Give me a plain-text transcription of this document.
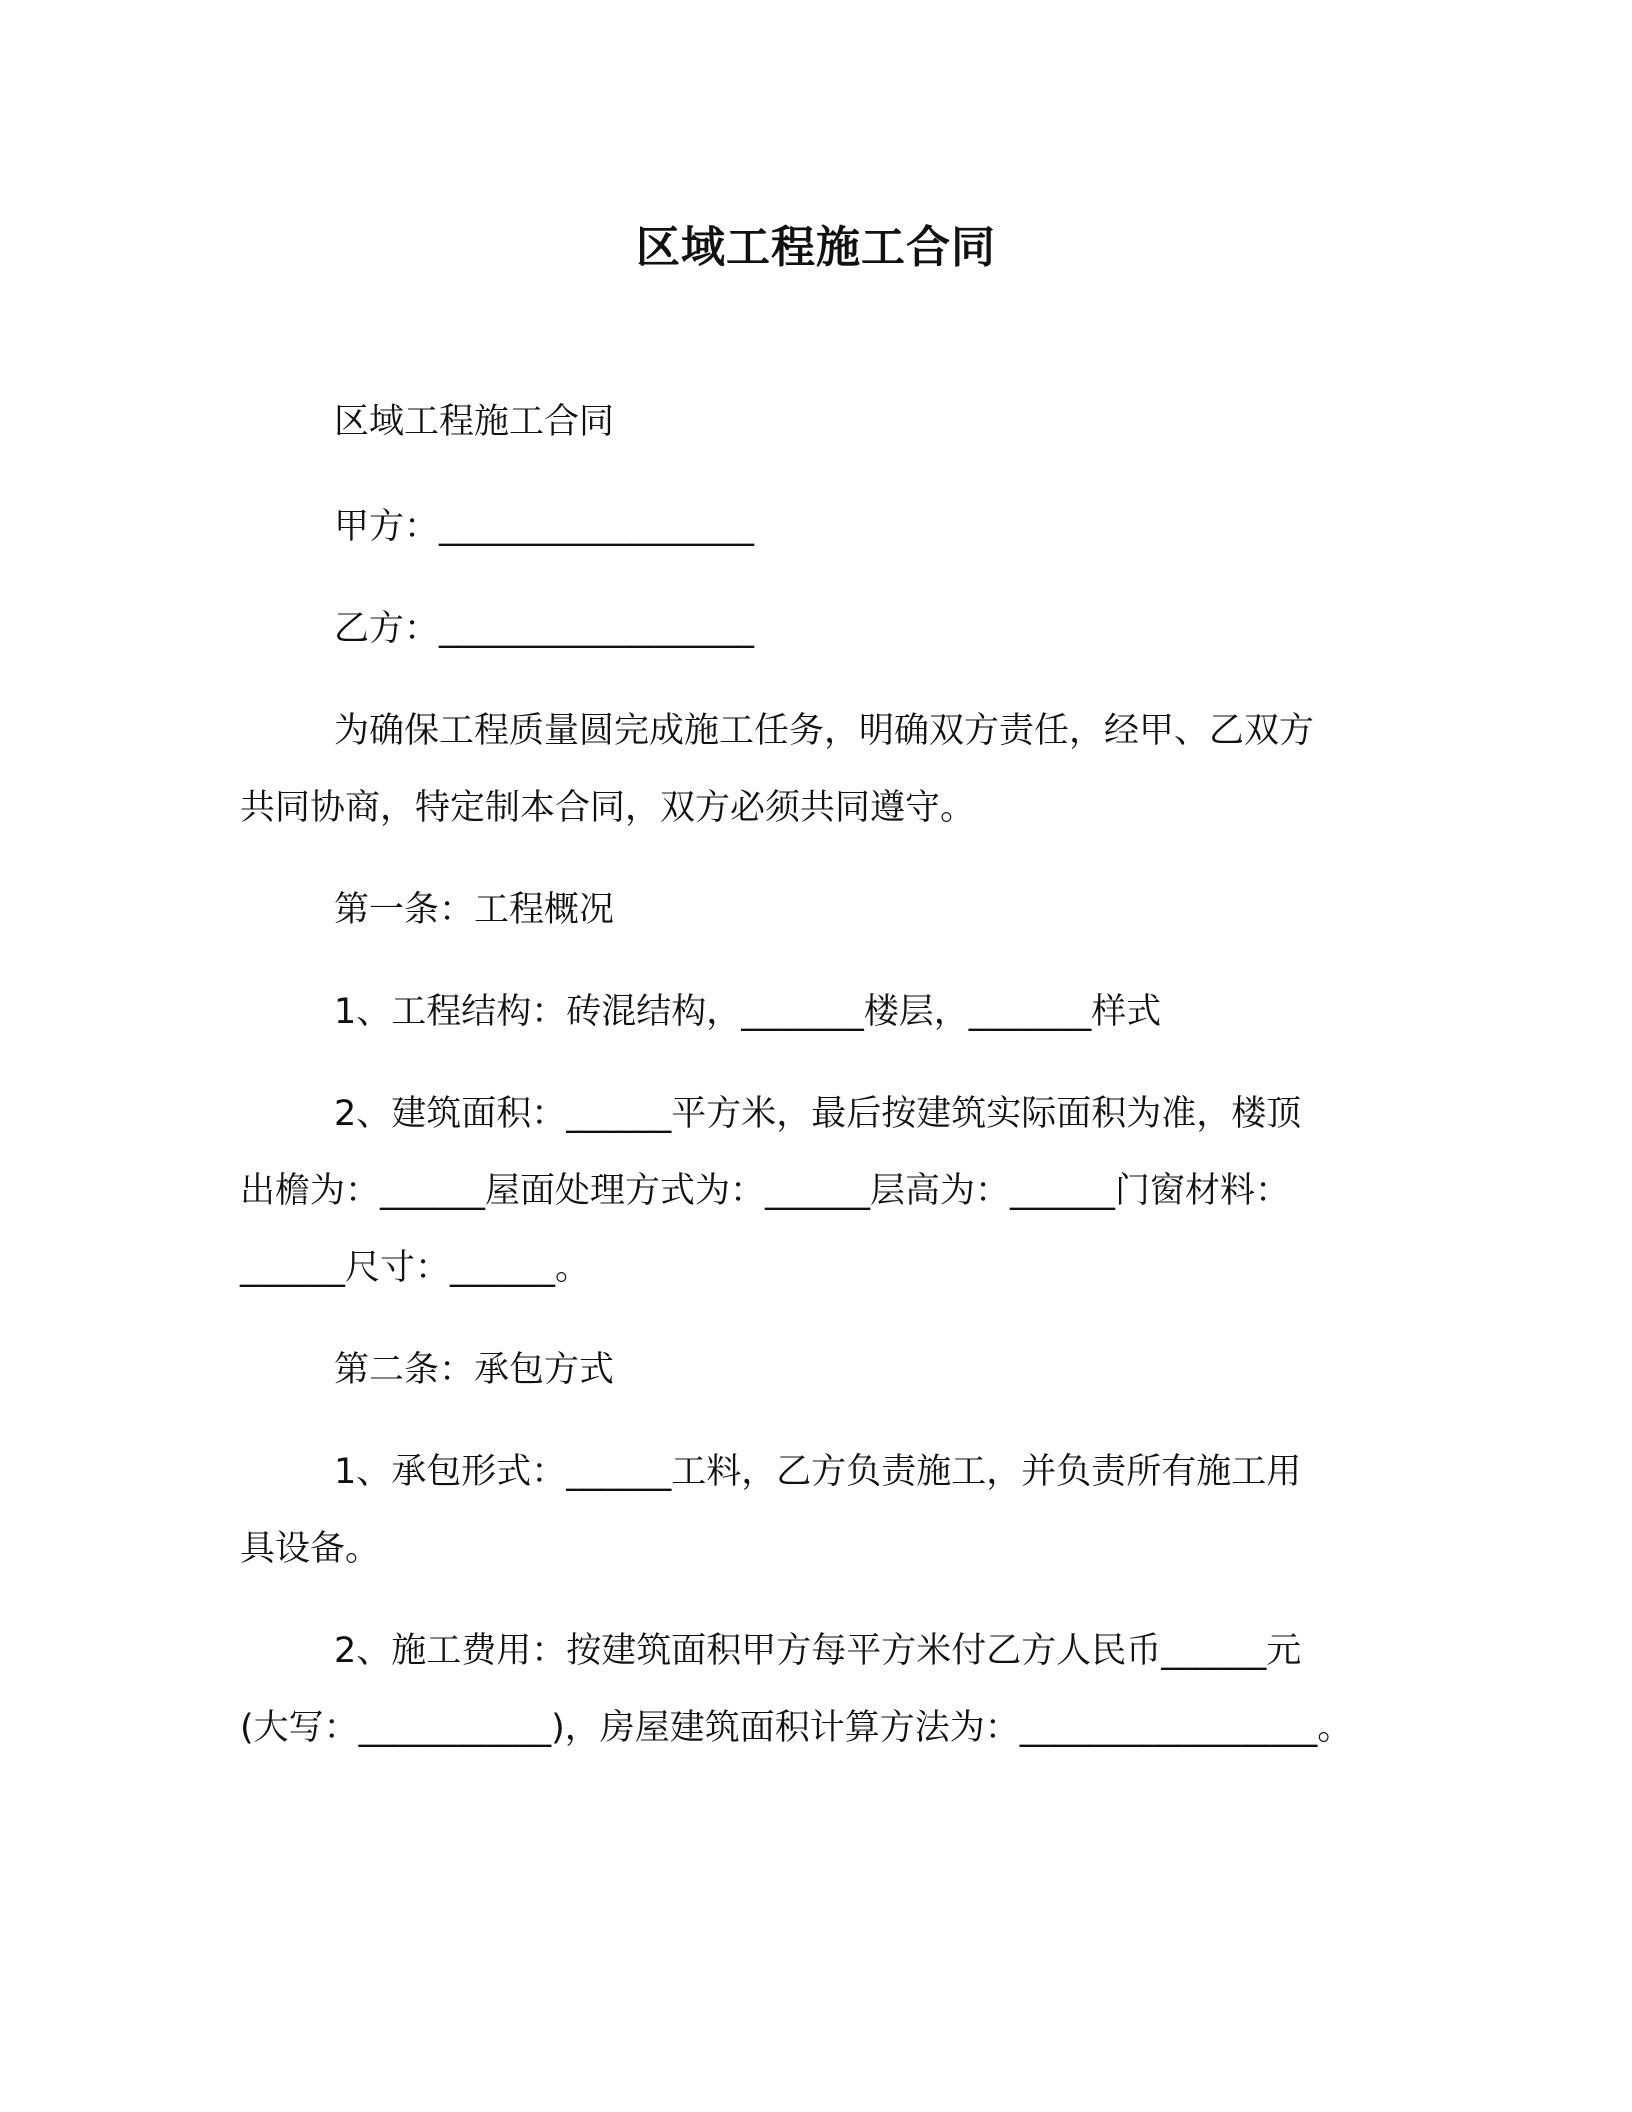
区域工程施工合同
区域工程施工合同
甲方：__________________
乙方：__________________
为确保工程质量圆完成施工任务，明确双方责任，经甲、乙双方
共同协商，特定制本合同，双方必须共同遵守。
第一条：工程概况
1、工程结构：砖混结构，_______楼层，_______样式
2、建筑面积：______平方米，最后按建筑实际面积为准，楼顶
出檐为：______屋面处理方式为：______层高为：______门窗材料：
______尺寸：______。
第二条：承包方式
1、承包形式：______工料，乙方负责施工，并负责所有施工用
具设备。
2、施工费用：按建筑面积甲方每平方米付乙方人民币______元
(大写：___________)，房屋建筑面积计算方法为：_________________。
